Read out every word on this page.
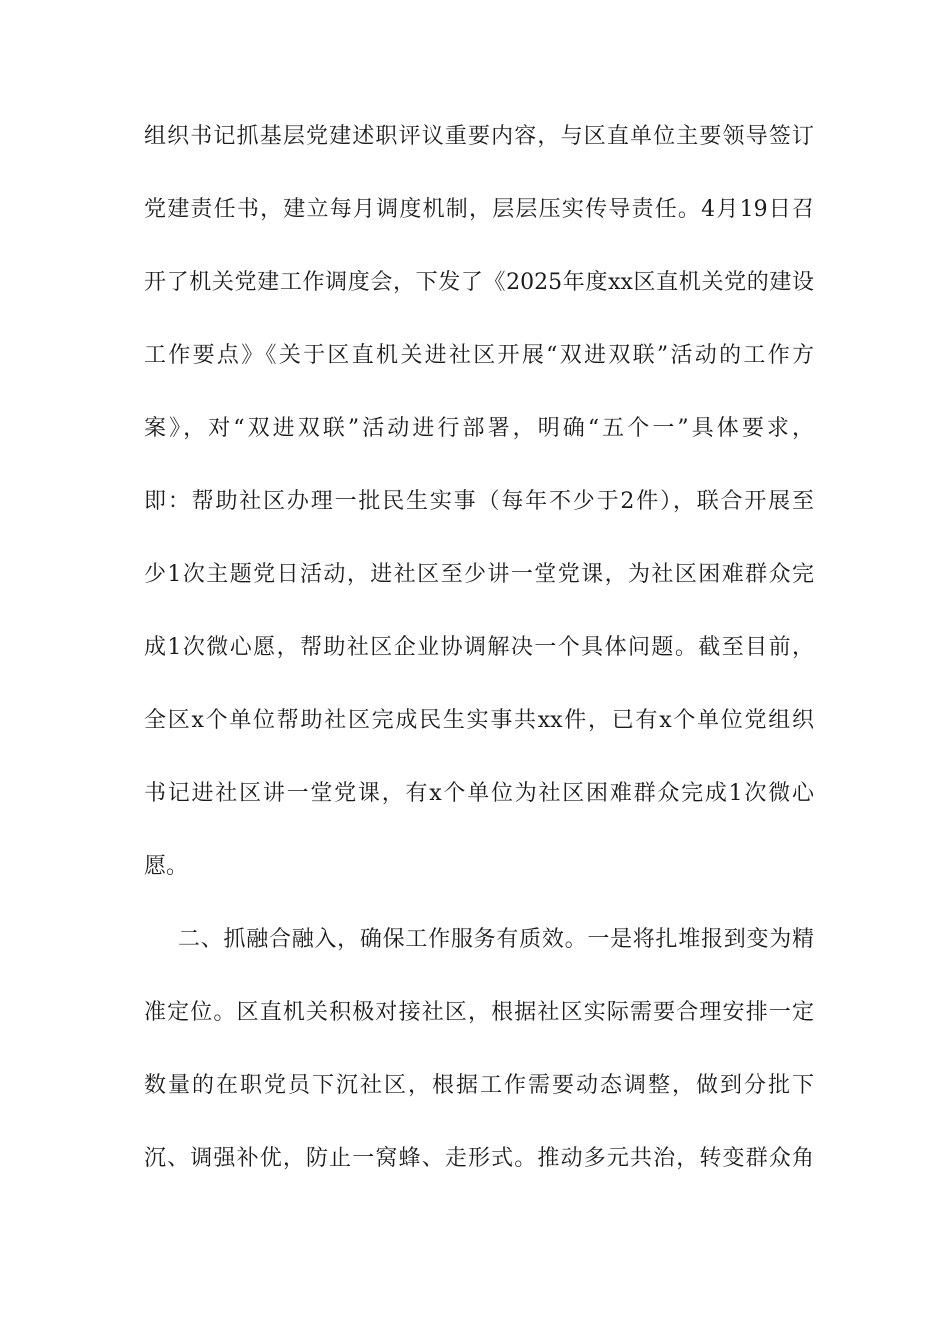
组织书记抓基层党建述职评议重要内容，与区直单位主要领导签订
党建责任书，建立每月调度机制，层层压实传导责任。4月19日召
开了机关党建工作调度会，下发了《2025年度xx区直机关党的建设
工作要点》《关于区直机关进社区开展“双进双联”活动的工作方
案》，对“双进双联”活动进行部署，明确“五个一”具体要求，
即：帮助社区办理一批民生实事（每年不少于2件），联合开展至
少1次主题党日活动，进社区至少讲一堂党课，为社区困难群众完
成1次微心愿，帮助社区企业协调解决一个具体问题。截至目前，
全区x个单位帮助社区完成民生实事共xx件，已有x个单位党组织
书记进社区讲一堂党课，有x个单位为社区困难群众完成1次微心
愿。
二、抓融合融入，确保工作服务有质效。一是将扎堆报到变为精
准定位。区直机关积极对接社区，根据社区实际需要合理安排一定
数量的在职党员下沉社区，根据工作需要动态调整，做到分批下
沉、调强补优，防止一窝蜂、走形式。推动多元共治，转变群众角
